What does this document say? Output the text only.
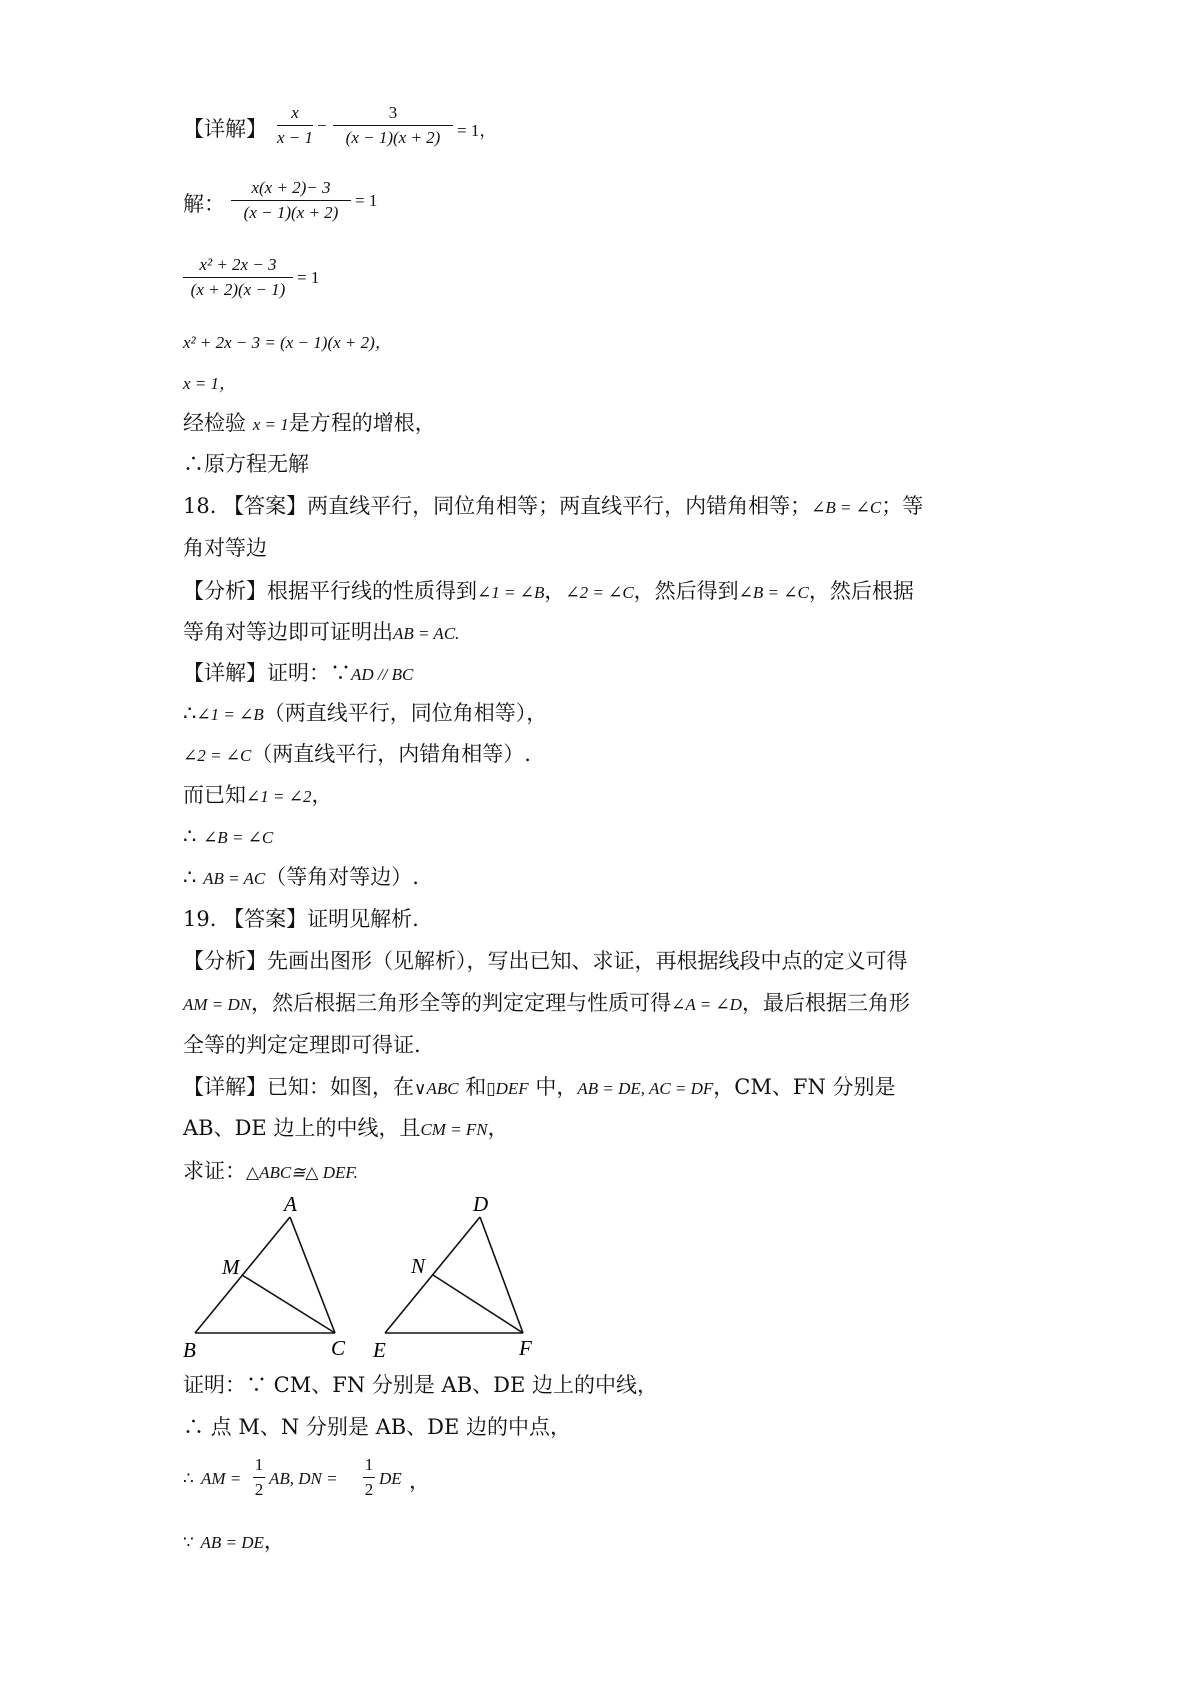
【详解】
x
x − 1
−
3
(x − 1)(x + 2) = 1，
解：
x(x + 2)− 3
(x − 1)(x + 2)
= 1
x² + 2x − 3
(x + 2)(x − 1)
= 1
x² + 2x − 3 = (x − 1)(x + 2)，
x = 1，
经检验 x = 1是方程的增根，
∴原方程无解
18. 【答案】两直线平行，同位角相等；两直线平行，内错角相等；∠B = ∠C；等
角对等边
【分析】根据平行线的性质得到∠1 = ∠B，∠2 = ∠C，然后得到∠B = ∠C，然后根据
等角对等边即可证明出AB = AC.
【详解】证明：∵AD // BC
∴∠1 = ∠B（两直线平行，同位角相等），
∠2 = ∠C（两直线平行，内错角相等）.
而已知∠1 = ∠2，
∴ ∠B = ∠C
∴ AB = AC（等角对等边）.
19. 【答案】证明见解析.
【分析】先画出图形（见解析），写出已知、求证，再根据线段中点的定义可得
AM = DN，然后根据三角形全等的判定定理与性质可得∠A = ∠D，最后根据三角形
全等的判定定理即可得证.
【详解】已知：如图，在∨ABC 和▯DEF 中，AB = DE, AC = DF，CM、FN 分别是
AB、DE 边上的中线，且CM = FN，
求证：△ABC≅△ DEF.
A
M
B	C
D
N
E	F
证明：∵ CM、FN 分别是 AB、DE 边上的中线，
∴ 点 M、N 分别是 AB、DE 边的中点，
∴ AM =
1
2
AB, DN =
1
2
DE ，
∵ AB = DE，
